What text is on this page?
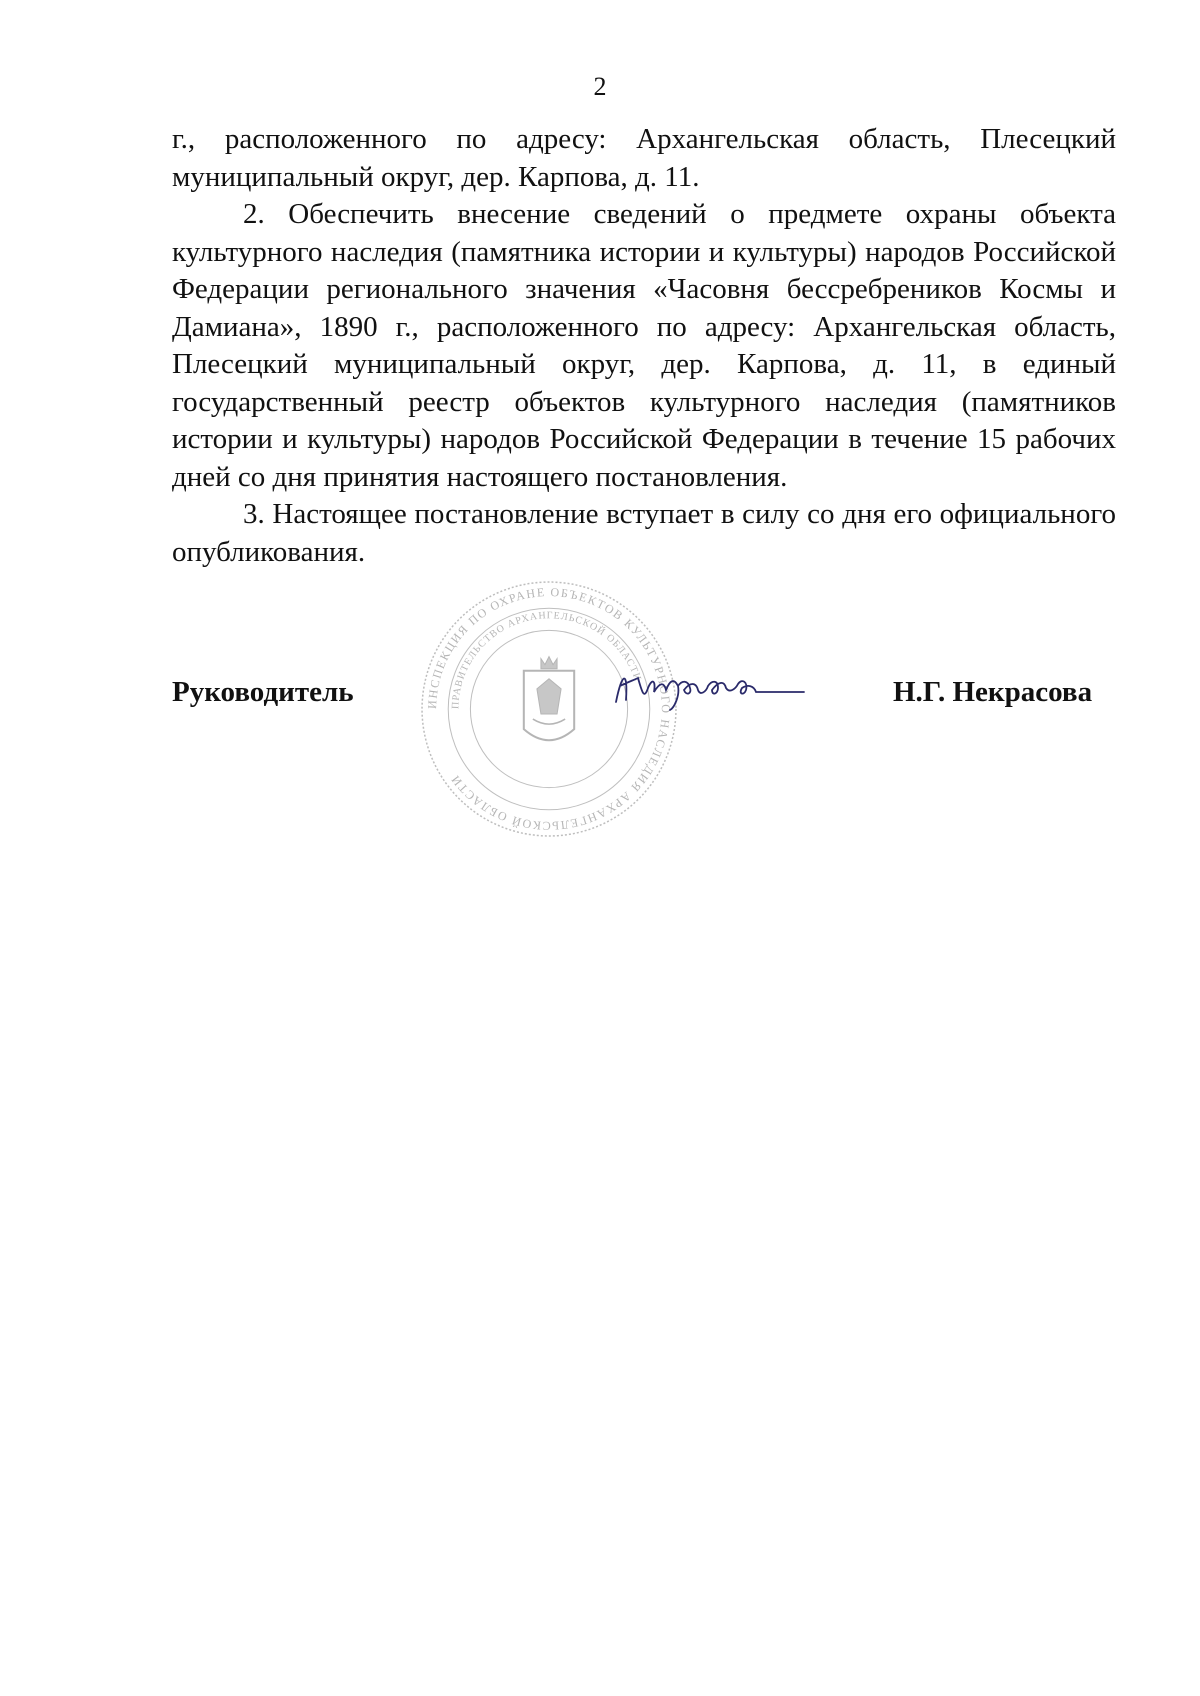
2

г., расположенного по адресу: Архангельская область, Плесецкий муниципальный округ, дер. Карпова, д. 11.

2. Обеспечить внесение сведений о предмете охраны объекта культурного наследия (памятника истории и культуры) народов Российской Федерации регионального значения «Часовня бессребреников Космы и Дамиана», 1890 г., расположенного по адресу: Архангельская область, Плесецкий муниципальный округ, дер. Карпова, д. 11, в единый государственный реестр объектов культурного наследия (памятников истории и культуры) народов Российской Федерации в течение 15 рабочих дней со дня принятия настоящего постановления.

3. Настоящее постановление вступает в силу со дня его официального опубликования.

ИНСПЕКЦИЯ ПО ОХРАНЕ ОБЪЕКТОВ КУЛЬТУРНОГО НАСЛЕДИЯ АРХАНГЕЛЬСКОЙ ОБЛАСТИ
ПРАВИТЕЛЬСТВО АРХАНГЕЛЬСКОЙ ОБЛАСТИ
Руководитель	Н.Г. Некрасова
